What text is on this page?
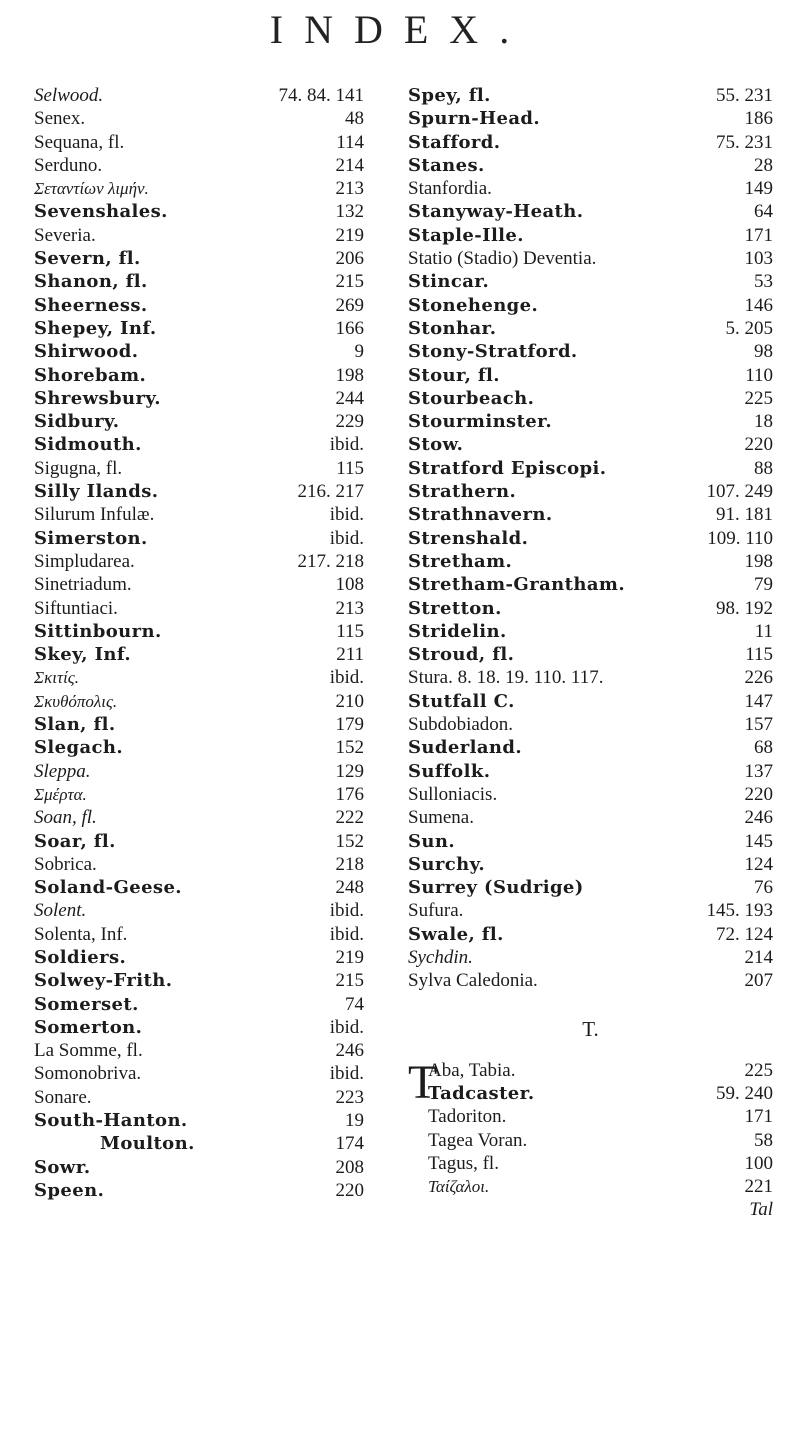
INDEX.
Selwood.	74. 84. 141
Senex.	48
Sequana, fl.	114
Serduno.	214
Σεταντίων λιμήν.	213
Sevenshales.	132
Severia.	219
Severn, fl.	206
Shanon, fl.	215
Sheerness.	269
Shepey, Inf.	166
Shirwood.	9
Shorebam.	198
Shrewsbury.	244
Sidbury.	229
Sidmouth.	ibid.
Sigugna, fl.	115
Silly Ilands.	216. 217
Silurum Infulæ.	ibid.
Simerston.	ibid.
Simpludarea.	217. 218
Sinetriadum.	108
Siftuntiaci.	213
Sittinbourn.	115
Skey, Inf.	211
Σκιτίς.	ibid.
Σκυθόπολις.	210
Slan, fl.	179
Slegach.	152
Sleppa.	129
Σμέρτα.	176
Soan, fl.	222
Soar, fl.	152
Sobrica.	218
Soland-Geese.	248
Solent.	ibid.
Solenta, Inf.	ibid.
Soldiers.	219
Solwey-Frith.	215
Somerset.	74
Somerton.	ibid.
La Somme, fl.	246
Somonobriva.	ibid.
Sonare.	223
South-Hanton.	19
Moulton.	174
Sowr.	208
Speen.	220
Spey, fl.	55. 231
Spurn-Head.	186
Stafford.	75. 231
Stanes.	28
Stanfordia.	149
Stanyway-Heath.	64
Staple-Ille.	171
Statio (Stadio) Deventia.	103
Stincar.	53
Stonehenge.	146
Stonhar.	5. 205
Stony-Stratford.	98
Stour, fl.	110
Stourbeach.	225
Stourminster.	18
Stow.	220
Stratford Episcopi.	88
Strathern.	107. 249
Strathnavern.	91. 181
Strenshald.	109. 110
Stretham.	198
Stretham-Grantham.	79
Stretton.	98. 192
Stridelin.	11
Stroud, fl.	115
Stura. 8. 18. 19. 110. 117.	226
Stutfall C.	147
Subdobiadon.	157
Suderland.	68
Suffolk.	137
Sulloniacis.	220
Sumena.	246
Sun.	145
Surchy.	124
Surrey (Sudrige)	76
Sufura.	145. 193
Swale, fl.	72. 124
Sychdin.	214
Sylva Caledonia.	207
T.
T
Aba, Tabia.	225
Tadcaster.	59. 240
Tadoriton.	171
Tagea Voran.	58
Tagus, fl.	100
Ταίζαλοι.	221
Tal
